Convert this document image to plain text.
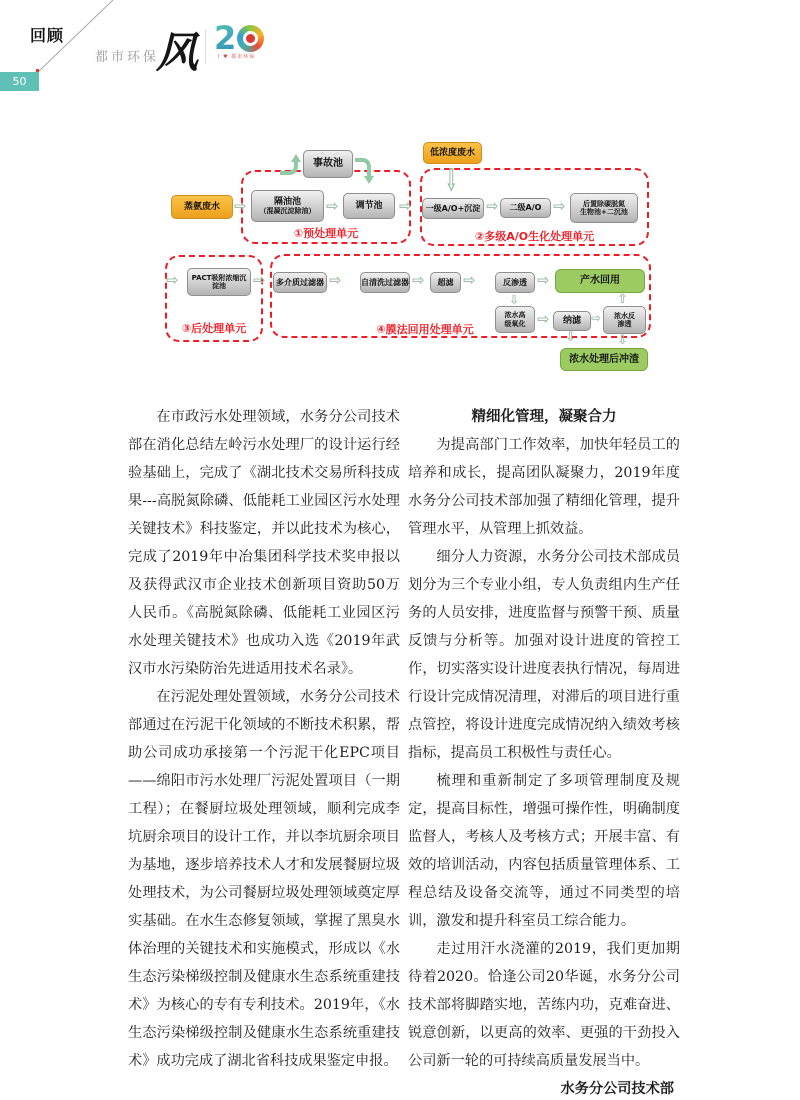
回顾
都市环保
风 2
I ♥ 都市环保
50
事故池
低浓度废水
⇩
蒸氨废水
⇨
隔油池
（混凝沉淀除油）
⇨
调节池
①预处理单元
⇨
一级A/O+沉淀 ⇨	二级A/O ⇨	后置除碳脱氮
生物池+二沉池
②多级A/O生化处理单元
⇨
PACT吸附浓缩沉
淀池
③后处理单元
⇨
多介质过滤器 ⇨	自清洗过滤器 ⇨	超滤 ⇨	反渗透 ⇨	产水回用
⇩
浓水高
级氧化 ⇨	纳滤 ⇨	浓水反
渗透
⇧
④膜法回用处理单元
⇩
⇩
浓水处理后冲渣

在市政污水处理领域，水务分公司技术部在消化总结左岭污水处理厂的设计运行经验基础上，完成了《湖北技术交易所科技成果---高脱氮除磷、低能耗工业园区污水处理关键技术》科技鉴定，并以此技术为核心，完成了2019年中冶集团科学技术奖申报以及获得武汉市企业技术创新项目资助50万人民币。《高脱氮除磷、低能耗工业园区污水处理关键技术》也成功入选《2019年武汉市水污染防治先进适用技术名录》。

在污泥处理处置领域，水务分公司技术部通过在污泥干化领域的不断技术积累，帮助公司成功承接第一个污泥干化EPC项目——绵阳市污水处理厂污泥处置项目（一期工程）；在餐厨垃圾处理领域，顺利完成李坑厨余项目的设计工作，并以李坑厨余项目为基地，逐步培养技术人才和发展餐厨垃圾处理技术，为公司餐厨垃圾处理领域奠定厚实基础。在水生态修复领域，掌握了黑臭水体治理的关键技术和实施模式，形成以《水生态污染梯级控制及健康水生态系统重建技术》为核心的专有专利技术。2019年，《水生态污染梯级控制及健康水生态系统重建技术》成功完成了湖北省科技成果鉴定申报。

精细化管理，凝聚合力

为提高部门工作效率，加快年轻员工的培养和成长，提高团队凝聚力，2019年度水务分公司技术部加强了精细化管理，提升管理水平，从管理上抓效益。

细分人力资源，水务分公司技术部成员划分为三个专业小组，专人负责组内生产任务的人员安排，进度监督与预警干预、质量反馈与分析等。加强对设计进度的管控工作，切实落实设计进度表执行情况，每周进行设计完成情况清理，对滞后的项目进行重点管控，将设计进度完成情况纳入绩效考核指标，提高员工积极性与责任心。

梳理和重新制定了多项管理制度及规定，提高目标性，增强可操作性，明确制度监督人，考核人及考核方式；开展丰富、有效的培训活动，内容包括质量管理体系、工程总结及设备交流等，通过不同类型的培训，激发和提升科室员工综合能力。

走过用汗水浇灌的2019，我们更加期待着2020。恰逢公司20华诞，水务分公司技术部将脚踏实地，苦练内功，克难奋进、锐意创新，以更高的效率、更强的干劲投入公司新一轮的可持续高质量发展当中。

水务分公司技术部
